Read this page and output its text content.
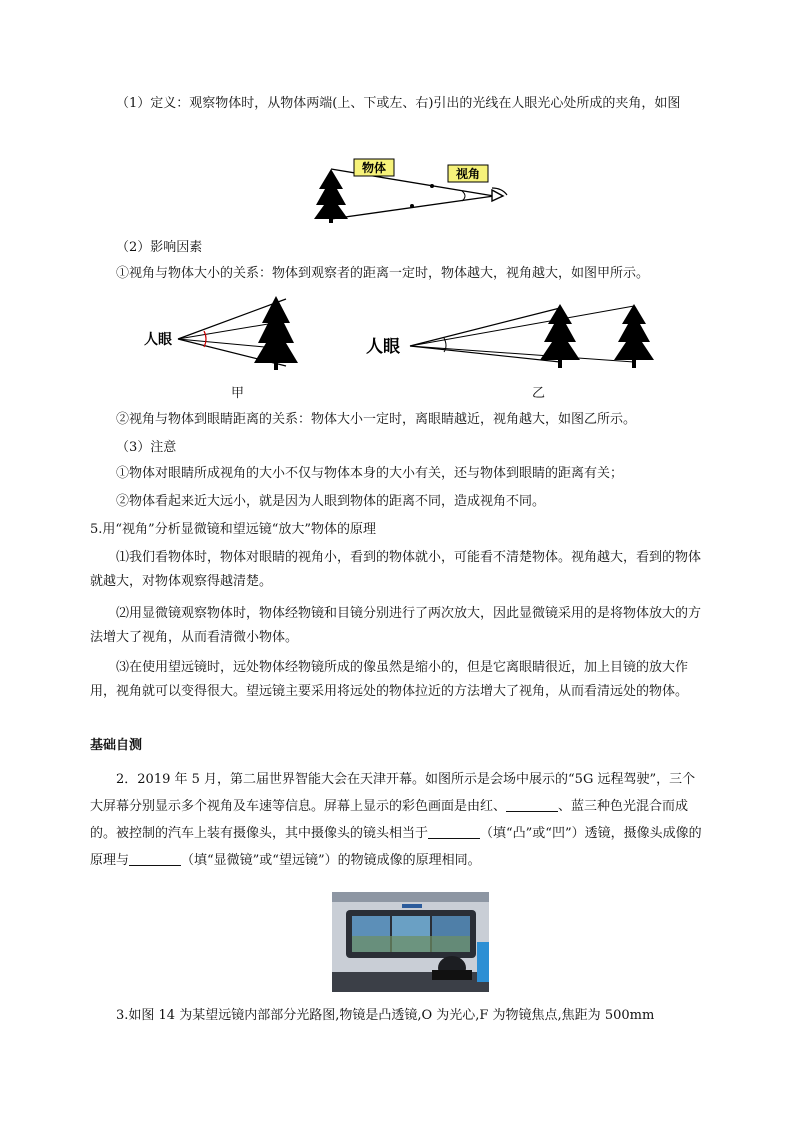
（1）定义：观察物体时，从物体两端(上、下或左、右)引出的光线在人眼光心处所成的夹角，如图

物体	视角

（2）影响因素

①视角与物体大小的关系：物体到观察者的距离一定时，物体越大，视角越大，如图甲所示。

人眼
甲
人眼
乙

②视角与物体到眼睛距离的关系：物体大小一定时，离眼睛越近，视角越大，如图乙所示。

（3）注意

①物体对眼睛所成视角的大小不仅与物体本身的大小有关，还与物体到眼睛的距离有关；

②物体看起来近大远小，就是因为人眼到物体的距离不同，造成视角不同。

5.用“视角”分析显微镜和望远镜“放大”物体的原理

⑴我们看物体时，物体对眼睛的视角小，看到的物体就小，可能看不清楚物体。视角越大，看到的物体就越大，对物体观察得越清楚。

⑵用显微镜观察物体时，物体经物镜和目镜分别进行了两次放大，因此显微镜采用的是将物体放大的方法增大了视角，从而看清微小物体。

⑶在使用望远镜时，远处物体经物镜所成的像虽然是缩小的，但是它离眼睛很近，加上目镜的放大作用，视角就可以变得很大。望远镜主要采用将远处的物体拉近的方法增大了视角，从而看清远处的物体。

基础自测

2．2019 年 5 月，第二届世界智能大会在天津开幕。如图所示是会场中展示的“5G 远程驾驶”，三个大屏幕分别显示多个视角及车速等信息。屏幕上显示的彩色画面是由红、	、蓝三种色光混合而成的。被控制的汽车上装有摄像头，其中摄像头的镜头相当于	（填“凸”或“凹”）透镜，摄像头成像的原理与	（填“显微镜”或“望远镜”）的物镜成像的原理相同。

3.如图 14 为某望远镜内部部分光路图,物镜是凸透镜,O 为光心,F 为物镜焦点,焦距为 500mm
